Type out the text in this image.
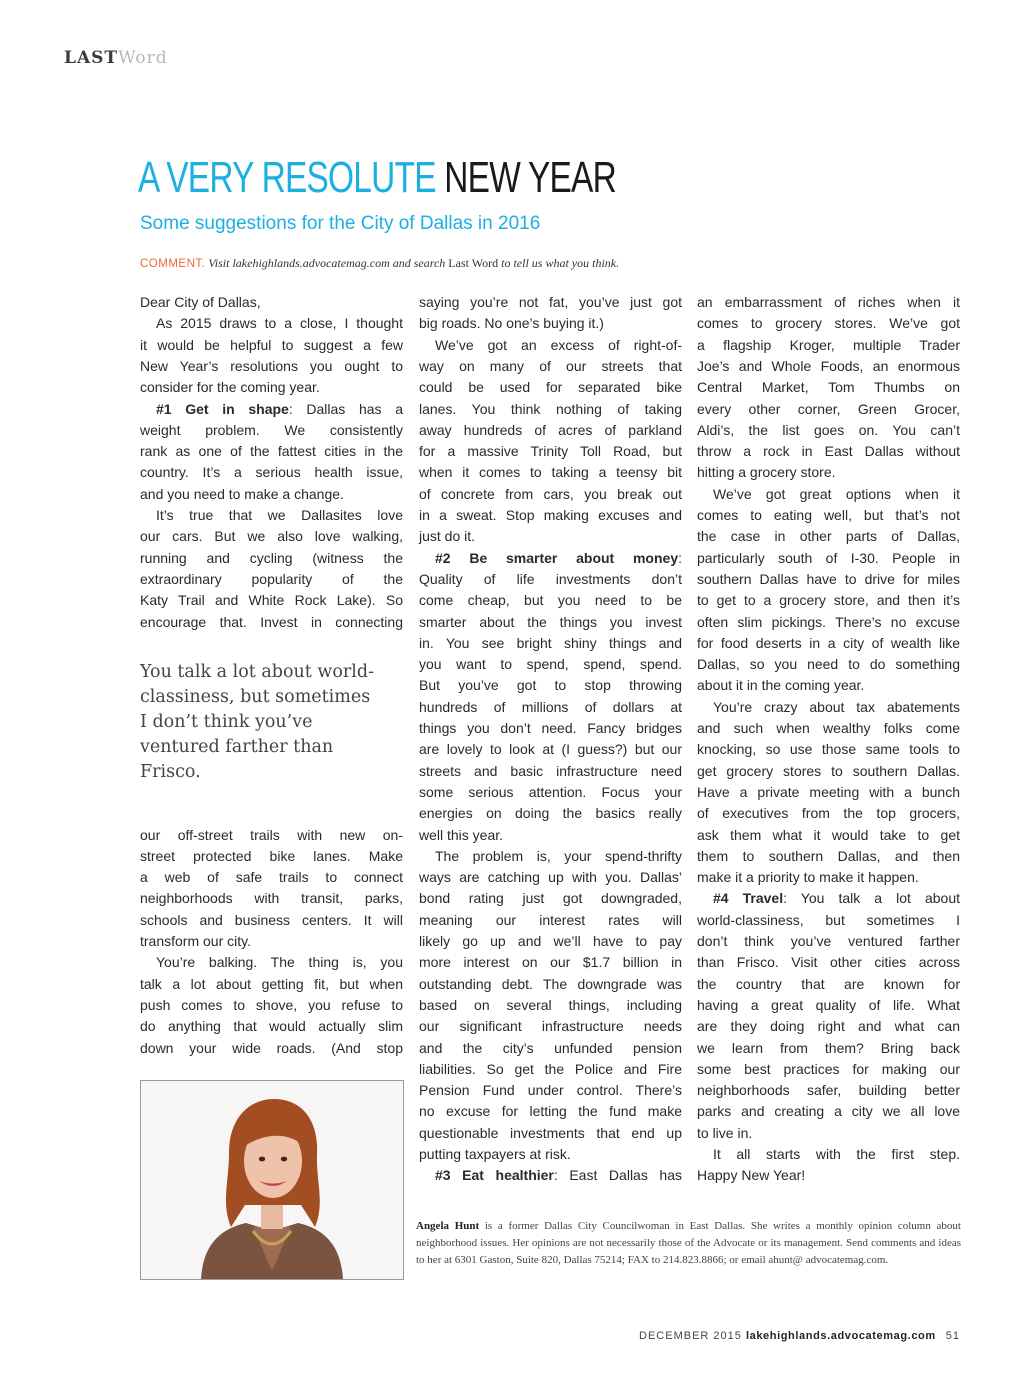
LASTWord
A VERY RESOLUTE NEW YEAR
Some suggestions for the City of Dallas in 2016
COMMENT. Visit lakehighlands.advocatemag.com and search Last Word to tell us what you think.
Dear City of Dallas,
As 2015 draws to a close, I thought
it would be helpful to suggest a few
New Year’s resolutions you ought to
consider for the coming year.
#1 Get in shape: Dallas has a
weight problem. We consistently
rank as one of the fattest cities in the
country. It’s a serious health issue,
and you need to make a change.
It’s true that we Dallasites love
our cars. But we also love walking,
running and cycling (witness the
extraordinary popularity of the
Katy Trail and White Rock Lake). So
encourage that. Invest in connecting
our off-street trails with new on-
street protected bike lanes. Make
a web of safe trails to connect
neighborhoods with transit, parks,
schools and business centers. It will
transform our city.
You’re balking. The thing is, you
talk a lot about getting fit, but when
push comes to shove, you refuse to
do anything that would actually slim
down your wide roads. (And stop
saying you’re not fat, you’ve just got
big roads. No one’s buying it.)
We’ve got an excess of right-of-
way on many of our streets that
could be used for separated bike
lanes. You think nothing of taking
away hundreds of acres of parkland
for a massive Trinity Toll Road, but
when it comes to taking a teensy bit
of concrete from cars, you break out
in a sweat. Stop making excuses and
just do it.
#2 Be smarter about money:
Quality of life investments don’t
come cheap, but you need to be
smarter about the things you invest
in. You see bright shiny things and
you want to spend, spend, spend.
But you’ve got to stop throwing
hundreds of millions of dollars at
things you don’t need. Fancy bridges
are lovely to look at (I guess?) but our
streets and basic infrastructure need
some serious attention. Focus your
energies on doing the basics really
well this year.
The problem is, your spend-thrifty
ways are catching up with you. Dallas’
bond rating just got downgraded,
meaning our interest rates will
likely go up and we’ll have to pay
more interest on our $1.7 billion in
outstanding debt. The downgrade was
based on several things, including
our significant infrastructure needs
and the city’s unfunded pension
liabilities. So get the Police and Fire
Pension Fund under control. There’s
no excuse for letting the fund make
questionable investments that end up
putting taxpayers at risk.
#3 Eat healthier: East Dallas has
an embarrassment of riches when it
comes to grocery stores. We’ve got
a flagship Kroger, multiple Trader
Joe’s and Whole Foods, an enormous
Central Market, Tom Thumbs on
every other corner, Green Grocer,
Aldi’s, the list goes on. You can’t
throw a rock in East Dallas without
hitting a grocery store.
We’ve got great options when it
comes to eating well, but that’s not
the case in other parts of Dallas,
particularly south of I-30. People in
southern Dallas have to drive for miles
to get to a grocery store, and then it’s
often slim pickings. There’s no excuse
for food deserts in a city of wealth like
Dallas, so you need to do something
about it in the coming year.
You’re crazy about tax abatements
and such when wealthy folks come
knocking, so use those same tools to
get grocery stores to southern Dallas.
Have a private meeting with a bunch
of executives from the top grocers,
ask them what it would take to get
them to southern Dallas, and then
make it a priority to make it happen.
#4 Travel: You talk a lot about
world-classiness, but sometimes I
don’t think you’ve ventured farther
than Frisco. Visit other cities across
the country that are known for
having a great quality of life. What
are they doing right and what can
we learn from them? Bring back
some best practices for making our
neighborhoods safer, building better
parks and creating a city we all love
to live in.
It all starts with the first step.
Happy New Year!

You talk a lot about world-classiness, but sometimes I don’t think you’ve ventured farther than Frisco.

Angela Hunt is a former Dallas City Councilwoman in East Dallas. She writes a monthly opinion column about neighborhood issues. Her opinions are not necessarily those of the Advocate or its management. Send comments and ideas to her at 6301 Gaston, Suite 820, Dallas 75214; FAX to 214.823.8866; or email ahunt@ advocatemag.com.

DECEMBER 2015 lakehighlands.advocatemag.com 51
